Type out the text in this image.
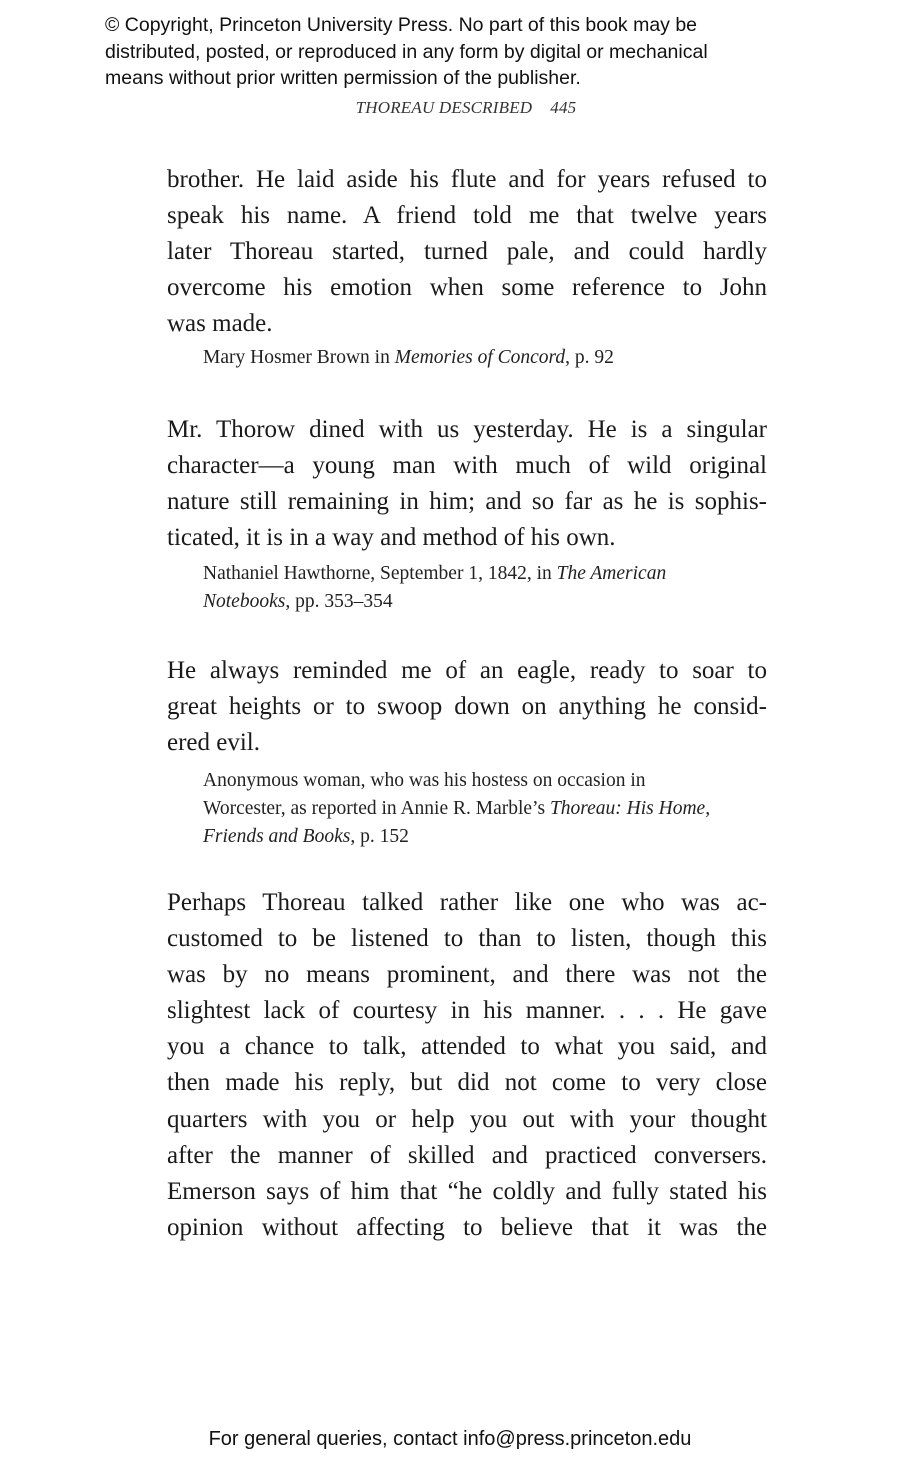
© Copyright, Princeton University Press. No part of this book may be
distributed, posted, or reproduced in any form by digital or mechanical
means without prior written permission of the publisher.
THOREAU DESCRIBED 445
brother. He laid aside his flute and for years refused to
speak his name. A friend told me that twelve years
later Thoreau started, turned pale, and could hardly
overcome his emotion when some reference to John
was made.
Mary Hosmer Brown in Memories of Concord, p. 92
Mr. Thorow dined with us yesterday. He is a singular
character—a young man with much of wild original
nature still remaining in him; and so far as he is sophis-
ticated, it is in a way and method of his own.
Nathaniel Hawthorne, September 1, 1842, in The American
Notebooks, pp. 353–354
He always reminded me of an eagle, ready to soar to
great heights or to swoop down on anything he consid-
ered evil.
Anonymous woman, who was his hostess on occasion in
Worcester, as reported in Annie R. Marble’s Thoreau: His Home,
Friends and Books, p. 152
Perhaps Thoreau talked rather like one who was ac-
customed to be listened to than to listen, though this
was by no means prominent, and there was not the
slightest lack of courtesy in his manner. . . . He gave
you a chance to talk, attended to what you said, and
then made his reply, but did not come to very close
quarters with you or help you out with your thought
after the manner of skilled and practiced conversers.
Emerson says of him that “he coldly and fully stated his
opinion without affecting to believe that it was the
For general queries, contact info@press.princeton.edu
